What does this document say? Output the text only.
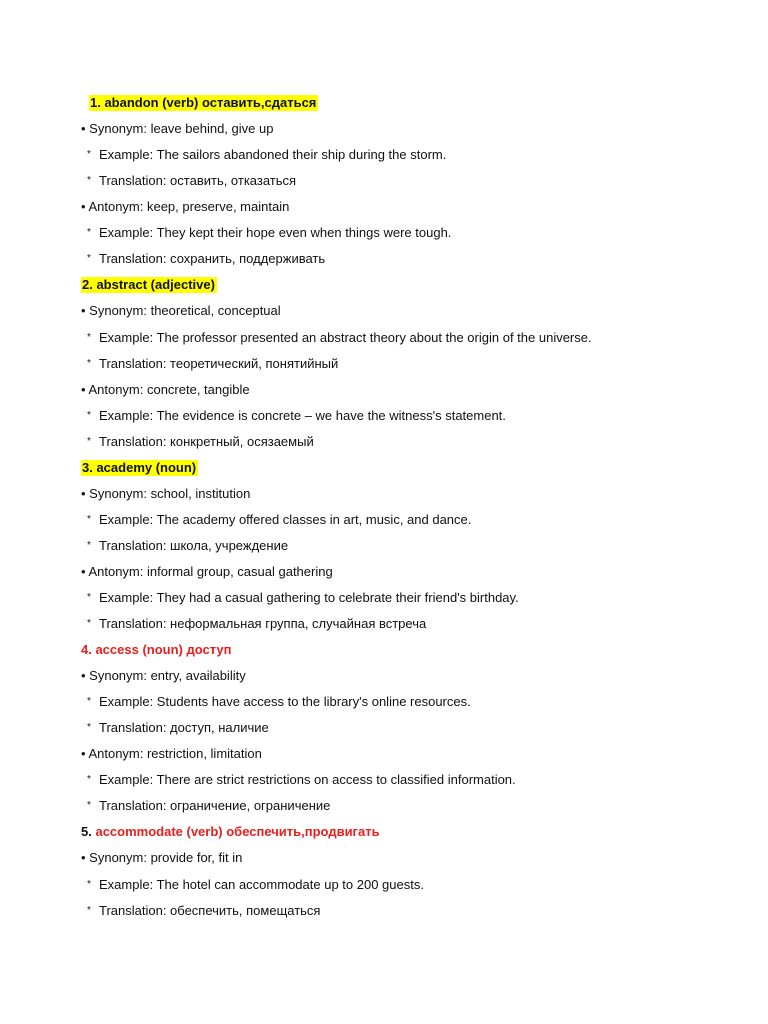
1. abandon (verb) оставить,сдаться
• Synonym: leave behind, give up
* Example: The sailors abandoned their ship during the storm.
* Translation: оставить, отказаться
• Antonym: keep, preserve, maintain
* Example: They kept their hope even when things were tough.
* Translation: сохранить, поддерживать
2. abstract (adjective)
• Synonym: theoretical, conceptual
* Example: The professor presented an abstract theory about the origin of the universe.
* Translation: теоретический, понятийный
• Antonym: concrete, tangible
* Example: The evidence is concrete – we have the witness's statement.
* Translation: конкретный, осязаемый
3. academy (noun)
• Synonym: school, institution
* Example: The academy offered classes in art, music, and dance.
* Translation: школа, учреждение
• Antonym: informal group, casual gathering
* Example: They had a casual gathering to celebrate their friend's birthday.
* Translation: неформальная группа, случайная встреча
4. access (noun) доступ
• Synonym: entry, availability
* Example: Students have access to the library's online resources.
* Translation: доступ, наличие
• Antonym: restriction, limitation
* Example: There are strict restrictions on access to classified information.
* Translation: ограничение, ограничение
5. accommodate (verb) обеспечить,продвигать
• Synonym: provide for, fit in
* Example: The hotel can accommodate up to 200 guests.
* Translation: обеспечить, помещаться
